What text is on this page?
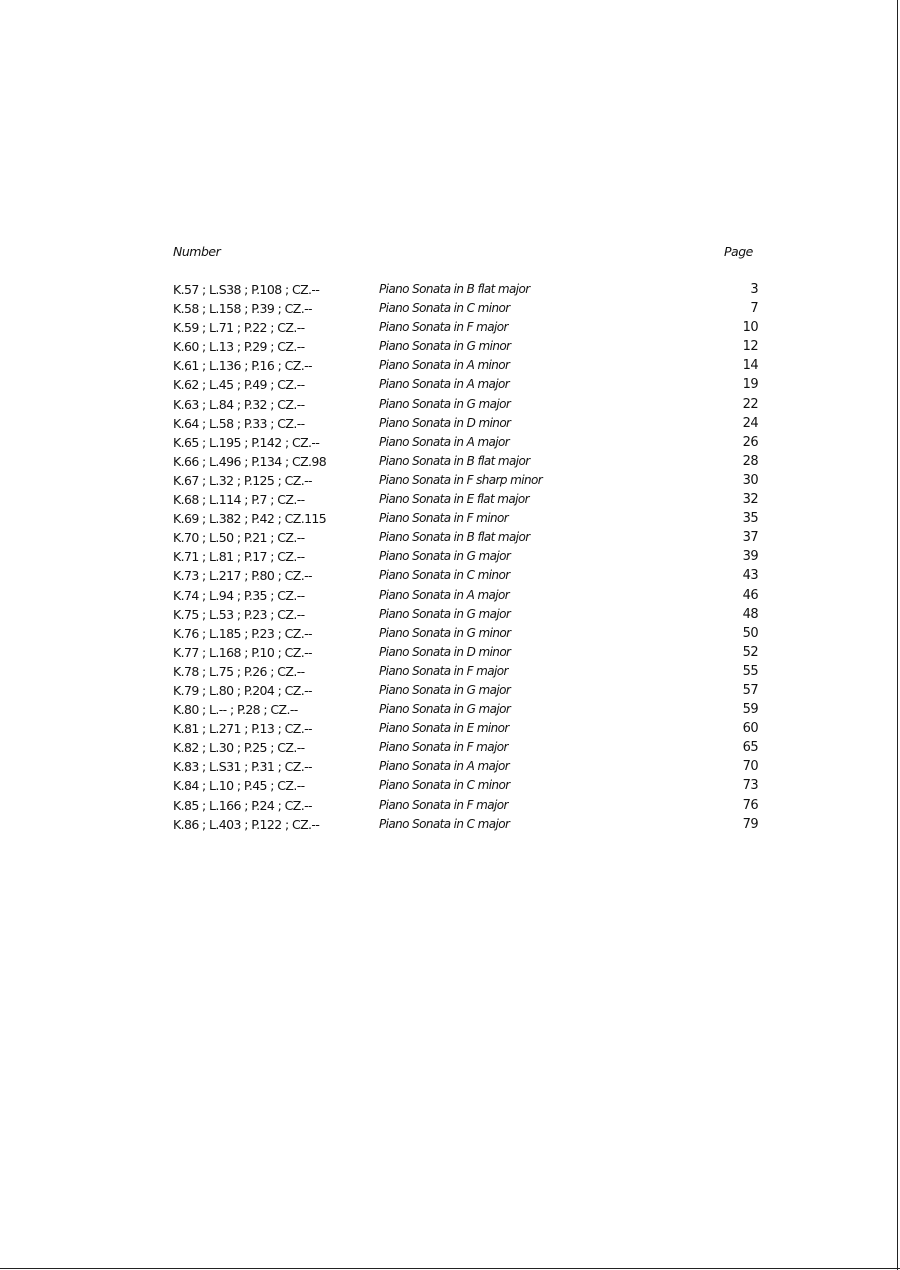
Number	Page
K.57 ; L.S38 ; P.108 ; CZ.--	Piano Sonata in B flat major	3
K.58 ; L.158 ; P.39 ; CZ.--	Piano Sonata in C minor	7
K.59 ; L.71 ; P.22 ; CZ.--	Piano Sonata in F major	10
K.60 ; L.13 ; P.29 ; CZ.--	Piano Sonata in G minor	12
K.61 ; L.136 ; P.16 ; CZ.--	Piano Sonata in A minor	14
K.62 ; L.45 ; P.49 ; CZ.--	Piano Sonata in A major	19
K.63 ; L.84 ; P.32 ; CZ.--	Piano Sonata in G major	22
K.64 ; L.58 ; P.33 ; CZ.--	Piano Sonata in D minor	24
K.65 ; L.195 ; P.142 ; CZ.--	Piano Sonata in A major	26
K.66 ; L.496 ; P.134 ; CZ.98	Piano Sonata in B flat major	28
K.67 ; L.32 ; P.125 ; CZ.--	Piano Sonata in F sharp minor	30
K.68 ; L.114 ; P.7 ; CZ.--	Piano Sonata in E flat major	32
K.69 ; L.382 ; P.42 ; CZ.115	Piano Sonata in F minor	35
K.70 ; L.50 ; P.21 ; CZ.--	Piano Sonata in B flat major	37
K.71 ; L.81 ; P.17 ; CZ.--	Piano Sonata in G major	39
K.73 ; L.217 ; P.80 ; CZ.--	Piano Sonata in C minor	43
K.74 ; L.94 ; P.35 ; CZ.--	Piano Sonata in A major	46
K.75 ; L.53 ; P.23 ; CZ.--	Piano Sonata in G major	48
K.76 ; L.185 ; P.23 ; CZ.--	Piano Sonata in G minor	50
K.77 ; L.168 ; P.10 ; CZ.--	Piano Sonata in D minor	52
K.78 ; L.75 ; P.26 ; CZ.--	Piano Sonata in F major	55
K.79 ; L.80 ; P.204 ; CZ.--	Piano Sonata in G major	57
K.80 ; L.-- ; P.28 ; CZ.--	Piano Sonata in G major	59
K.81 ; L.271 ; P.13 ; CZ.--	Piano Sonata in E minor	60
K.82 ; L.30 ; P.25 ; CZ.--	Piano Sonata in F major	65
K.83 ; L.S31 ; P.31 ; CZ.--	Piano Sonata in A major	70
K.84 ; L.10 ; P.45 ; CZ.--	Piano Sonata in C minor	73
K.85 ; L.166 ; P.24 ; CZ.--	Piano Sonata in F major	76
K.86 ; L.403 ; P.122 ; CZ.--	Piano Sonata in C major	79
